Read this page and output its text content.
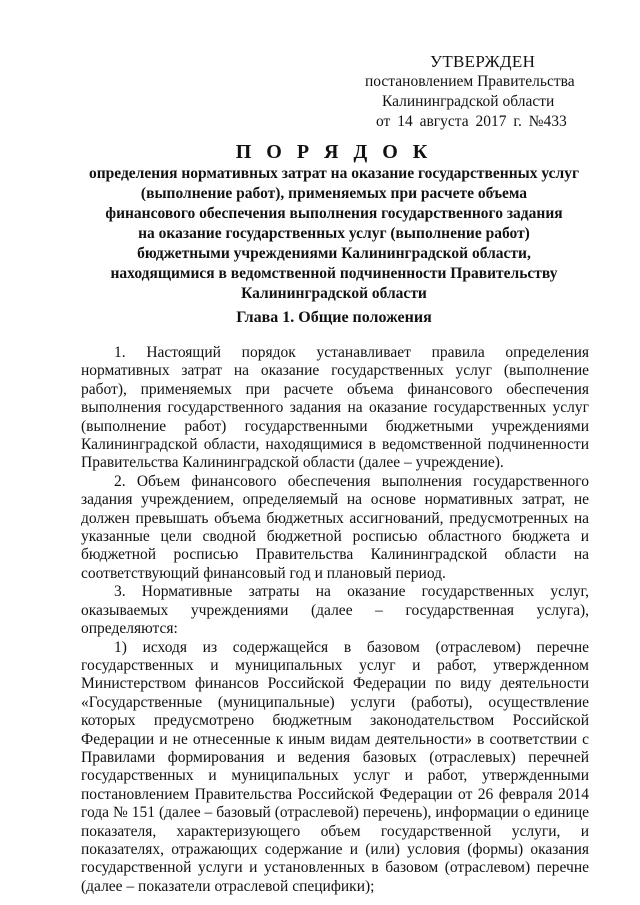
УТВЕРЖДЕН
постановлением Правительства
Калининградской области
от 14 августа 2017 г. №433
П О Р Я Д О К
определения нормативных затрат на оказание государственных услуг
(выполнение работ), применяемых при расчете объема
финансового обеспечения выполнения государственного задания
на оказание государственных услуг (выполнение работ)
бюджетными учреждениями Калининградской области,
находящимися в ведомственной подчиненности Правительству
Калининградской области
Глава 1. Общие положения

1. Настоящий порядок устанавливает правила определения нормативных затрат на оказание государственных услуг (выполнение работ), применяемых при расчете объема финансового обеспечения выполнения государственного задания на оказание государственных услуг (выполнение работ) государственными бюджетными учреждениями Калининградской области, находящимися в ведомственной подчиненности Правительства Калининградской области (далее – учреждение).

2. Объем финансового обеспечения выполнения государственного задания учреждением, определяемый на основе нормативных затрат, не должен превышать объема бюджетных ассигнований, предусмотренных на указанные цели сводной бюджетной росписью областного бюджета и бюджетной росписью Правительства Калининградской области на соответствующий финансовый год и плановый период.

3. Нормативные затраты на оказание государственных услуг, оказываемых учреждениями (далее – государственная услуга), определяются:

1) исходя из содержащейся в базовом (отраслевом) перечне государственных и муниципальных услуг и работ, утвержденном Министерством финансов Российской Федерации по виду деятельности «Государственные (муниципальные) услуги (работы), осуществление которых предусмотрено бюджетным законодательством Российской Федерации и не отнесенные к иным видам деятельности» в соответствии с Правилами формирования и ведения базовых (отраслевых) перечней государственных и муниципальных услуг и работ, утвержденными постановлением Правительства Российской Федерации от 26 февраля 2014 года № 151 (далее – базовый (отраслевой) перечень), информации о единице показателя, характеризующего объем государственной услуги, и показателях, отражающих содержание и (или) условия (формы) оказания государственной услуги и установленных в базовом (отраслевом) перечне (далее – показатели отраслевой специфики);
